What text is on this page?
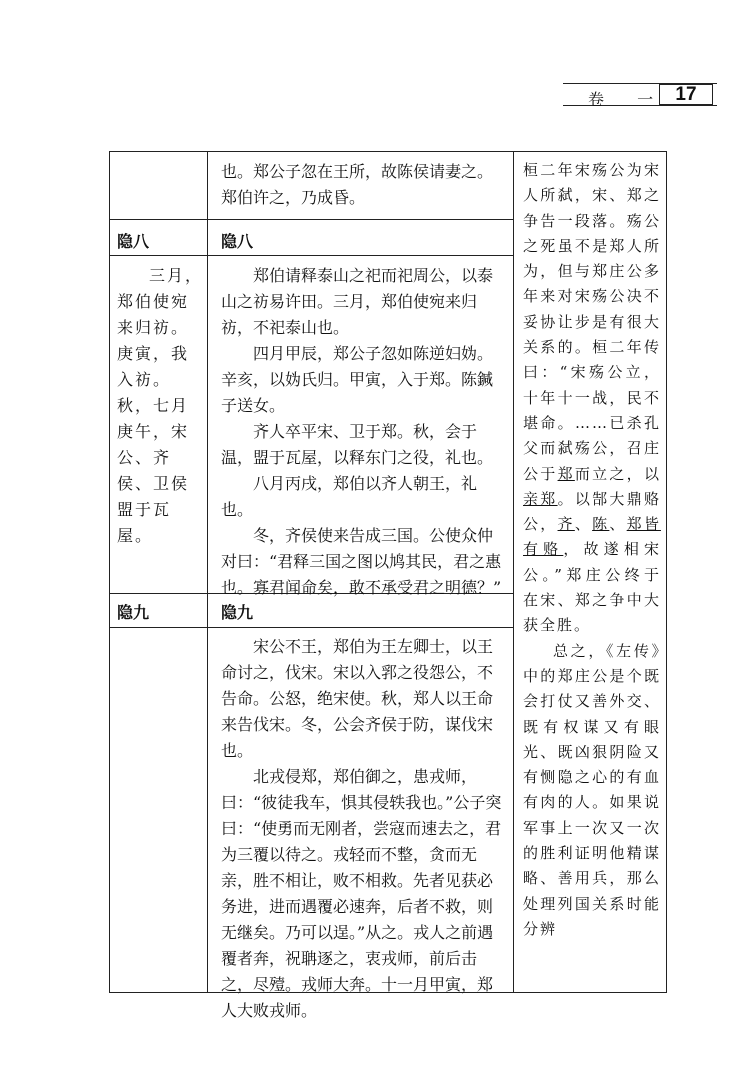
卷 一 17

也。郑公子忽在王所，故陈侯请妻之。郑伯许之，乃成昏。

隐八	隐八

三月，郑伯使宛来归祊。庚寅，我入祊。秋，七月庚午，宋公、齐侯、卫侯盟于瓦屋。

郑伯请释泰山之祀而祀周公，以泰山之祊易许田。三月，郑伯使宛来归祊，不祀泰山也。

四月甲辰，郑公子忽如陈逆妇妫。辛亥，以妫氏归。甲寅，入于郑。陈鍼子送女。

齐人卒平宋、卫于郑。秋，会于温，盟于瓦屋，以释东门之役，礼也。

八月丙戌，郑伯以齐人朝王，礼也。

冬，齐侯使来告成三国。公使众仲对曰：“君释三国之图以鸠其民，君之惠也。寡君闻命矣，敢不承受君之明德？”

隐九	隐九

宋公不王，郑伯为王左卿士，以王命讨之，伐宋。宋以入郛之役怨公，不告命。公怒，绝宋使。秋，郑人以王命来告伐宋。冬，公会齐侯于防，谋伐宋也。

北戎侵郑，郑伯御之，患戎师，曰：“彼徒我车，惧其侵轶我也。”公子突曰：“使勇而无刚者，尝寇而速去之，君为三覆以待之。戎轻而不整，贪而无亲，胜不相让，败不相救。先者见获必务进，进而遇覆必速奔，后者不救，则无继矣。乃可以逞。”从之。戎人之前遇覆者奔，祝聃逐之，衷戎师，前后击之，尽殪。戎师大奔。十一月甲寅，郑人大败戎师。

桓二年宋殇公为宋人所弑，宋、郑之争告一段落。殇公之死虽不是郑人所为，但与郑庄公多年来对宋殇公决不妥协让步是有很大关系的。桓二年传曰：“宋殇公立，十年十一战，民不堪命。……已杀孔父而弑殇公，召庄公于郑而立之，以亲郑。以郜大鼎赂公，齐、陈、郑皆有赂，故遂相宋公。”郑庄公终于在宋、郑之争中大获全胜。

总之，《左传》中的郑庄公是个既会打仗又善外交、既有权谋又有眼光、既凶狠阴险又有恻隐之心的有血有肉的人。如果说军事上一次又一次的胜利证明他精谋略、善用兵，那么处理列国关系时能分辨
